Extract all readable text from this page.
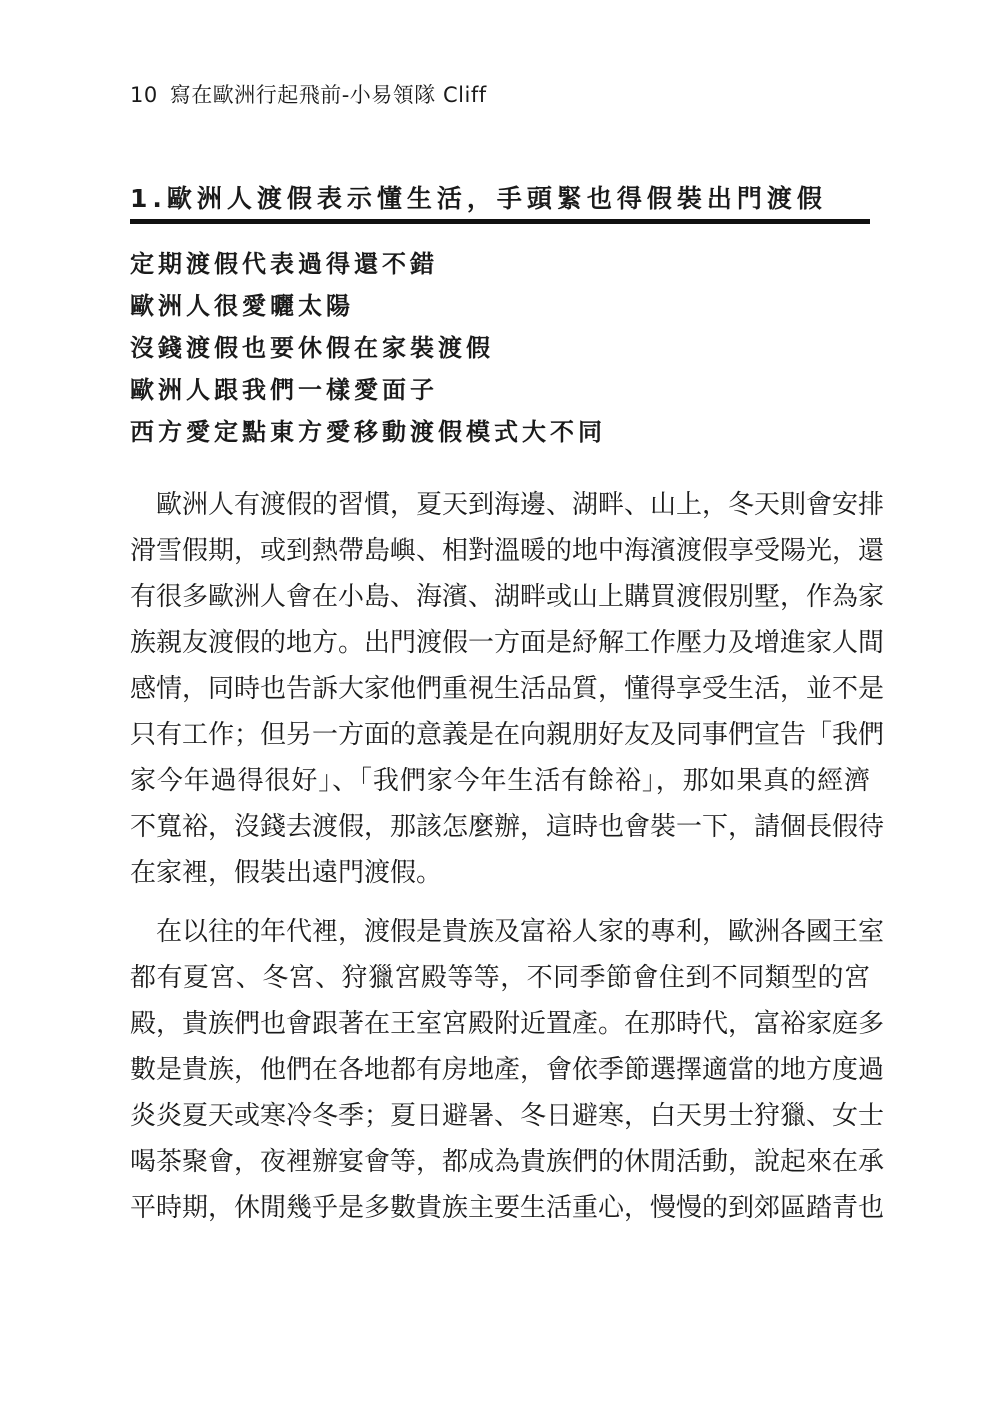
10 寫在歐洲行起飛前-小易領隊 Cliff
1.歐洲人渡假表示懂生活，手頭緊也得假裝出門渡假
定期渡假代表過得還不錯
歐洲人很愛曬太陽
沒錢渡假也要休假在家裝渡假
歐洲人跟我們一樣愛面子
西方愛定點東方愛移動渡假模式大不同
　歐洲人有渡假的習慣，夏天到海邊、湖畔、山上，冬天則會安排
滑雪假期，或到熱帶島嶼、相對溫暖的地中海濱渡假享受陽光，還
有很多歐洲人會在小島、海濱、湖畔或山上購買渡假別墅，作為家
族親友渡假的地方。出門渡假一方面是紓解工作壓力及增進家人間
感情，同時也告訴大家他們重視生活品質，懂得享受生活，並不是
只有工作；但另一方面的意義是在向親朋好友及同事們宣告「我們
家今年過得很好」、「我們家今年生活有餘裕」，那如果真的經濟
不寬裕，沒錢去渡假，那該怎麼辦，這時也會裝一下，請個長假待
在家裡，假裝出遠門渡假。
　在以往的年代裡，渡假是貴族及富裕人家的專利，歐洲各國王室
都有夏宮、冬宮、狩獵宮殿等等，不同季節會住到不同類型的宮
殿，貴族們也會跟著在王室宮殿附近置產。在那時代，富裕家庭多
數是貴族，他們在各地都有房地產，會依季節選擇適當的地方度過
炎炎夏天或寒冷冬季；夏日避暑、冬日避寒，白天男士狩獵、女士
喝茶聚會，夜裡辦宴會等，都成為貴族們的休閒活動，說起來在承
平時期，休閒幾乎是多數貴族主要生活重心，慢慢的到郊區踏青也
